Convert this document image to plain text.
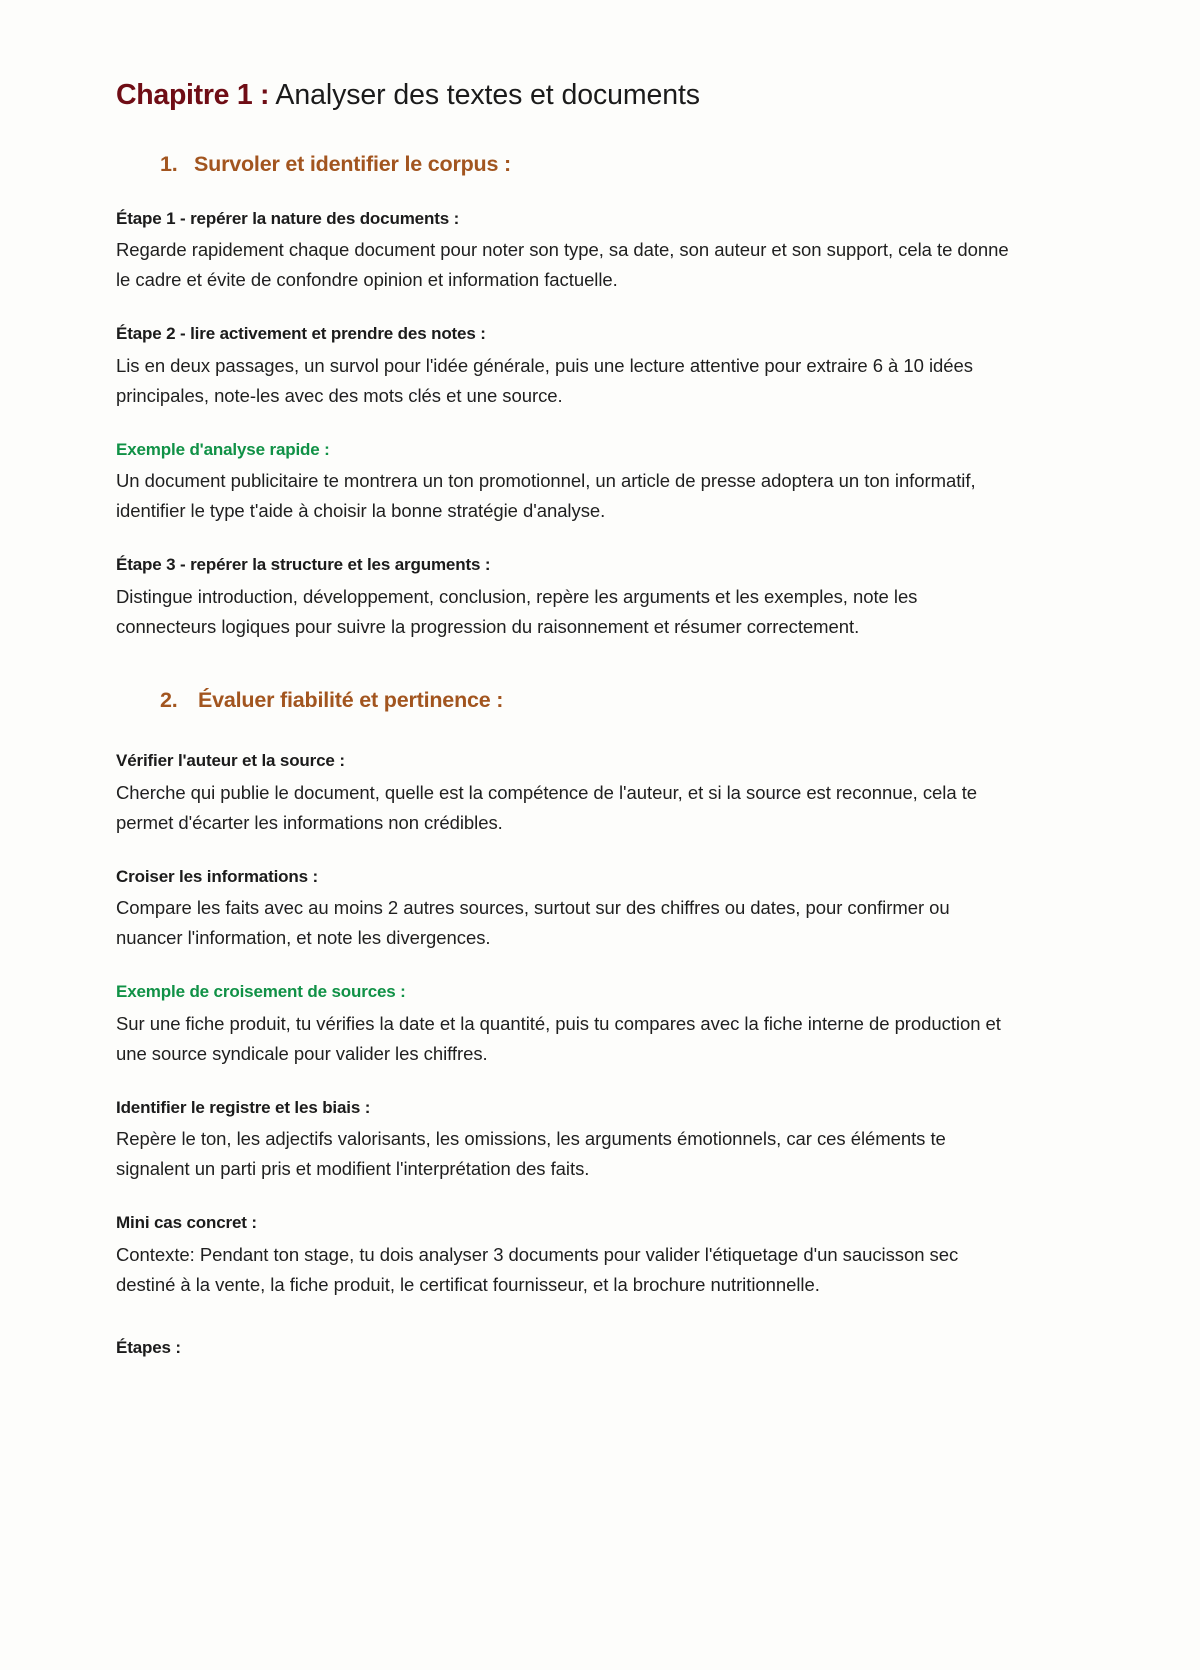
Chapitre 1 : Analyser des textes et documents
1. Survoler et identifier le corpus :

Étape 1 - repérer la nature des documents :

Regarde rapidement chaque document pour noter son type, sa date, son auteur et son support, cela te donne le cadre et évite de confondre opinion et information factuelle.

Étape 2 - lire activement et prendre des notes :

Lis en deux passages, un survol pour l'idée générale, puis une lecture attentive pour extraire 6 à 10 idées principales, note-les avec des mots clés et une source.

Exemple d'analyse rapide :

Un document publicitaire te montrera un ton promotionnel, un article de presse adoptera un ton informatif, identifier le type t'aide à choisir la bonne stratégie d'analyse.

Étape 3 - repérer la structure et les arguments :

Distingue introduction, développement, conclusion, repère les arguments et les exemples, note les connecteurs logiques pour suivre la progression du raisonnement et résumer correctement.

2. Évaluer fiabilité et pertinence :

Vérifier l'auteur et la source :

Cherche qui publie le document, quelle est la compétence de l'auteur, et si la source est reconnue, cela te permet d'écarter les informations non crédibles.

Croiser les informations :

Compare les faits avec au moins 2 autres sources, surtout sur des chiffres ou dates, pour confirmer ou nuancer l'information, et note les divergences.

Exemple de croisement de sources :

Sur une fiche produit, tu vérifies la date et la quantité, puis tu compares avec la fiche interne de production et une source syndicale pour valider les chiffres.

Identifier le registre et les biais :

Repère le ton, les adjectifs valorisants, les omissions, les arguments émotionnels, car ces éléments te signalent un parti pris et modifient l'interprétation des faits.

Mini cas concret :

Contexte: Pendant ton stage, tu dois analyser 3 documents pour valider l'étiquetage d'un saucisson sec destiné à la vente, la fiche produit, le certificat fournisseur, et la brochure nutritionnelle.

Étapes :
